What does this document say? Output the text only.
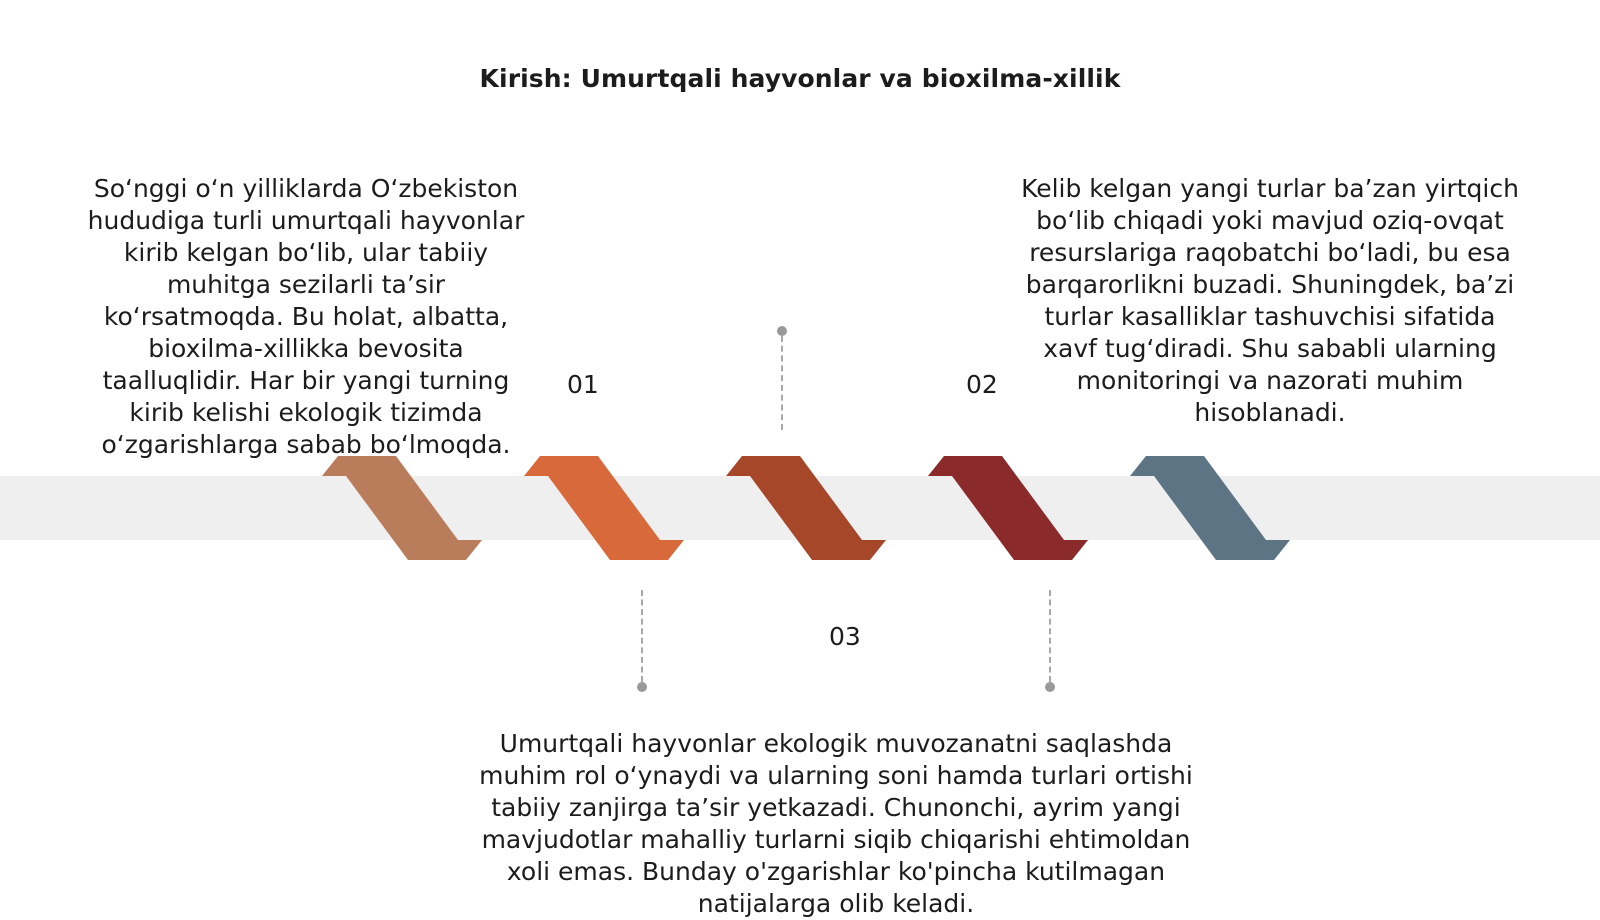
Kirish: Umurtqali hayvonlar va bioxilma-xillik

So‘nggi o‘n yilliklarda O‘zbekiston hududiga turli umurtqali hayvonlar kirib kelgan bo‘lib, ular tabiiy muhitga sezilarli ta’sir ko‘rsatmoqda. Bu holat, albatta, bioxilma-xillikka bevosita taalluqlidir. Har bir yangi turning kirib kelishi ekologik tizimda o‘zgarishlarga sabab bo‘lmoqda.

Kelib kelgan yangi turlar ba’zan yirtqich bo‘lib chiqadi yoki mavjud oziq-ovqat resurslariga raqobatchi bo‘ladi, bu esa barqarorlikni buzadi. Shuningdek, ba’zi turlar kasalliklar tashuvchisi sifatida xavf tug‘diradi. Shu sababli ularning monitoringi va nazorati muhim hisoblanadi.

Umurtqali hayvonlar ekologik muvozanatni saqlashda muhim rol o‘ynaydi va ularning soni hamda turlari ortishi tabiiy zanjirga ta’sir yetkazadi. Chunonchi, ayrim yangi mavjudotlar mahalliy turlarni siqib chiqarishi ehtimoldan xoli emas. Bunday o'zgarishlar ko'pincha kutilmagan natijalarga olib keladi.

01	02
03
